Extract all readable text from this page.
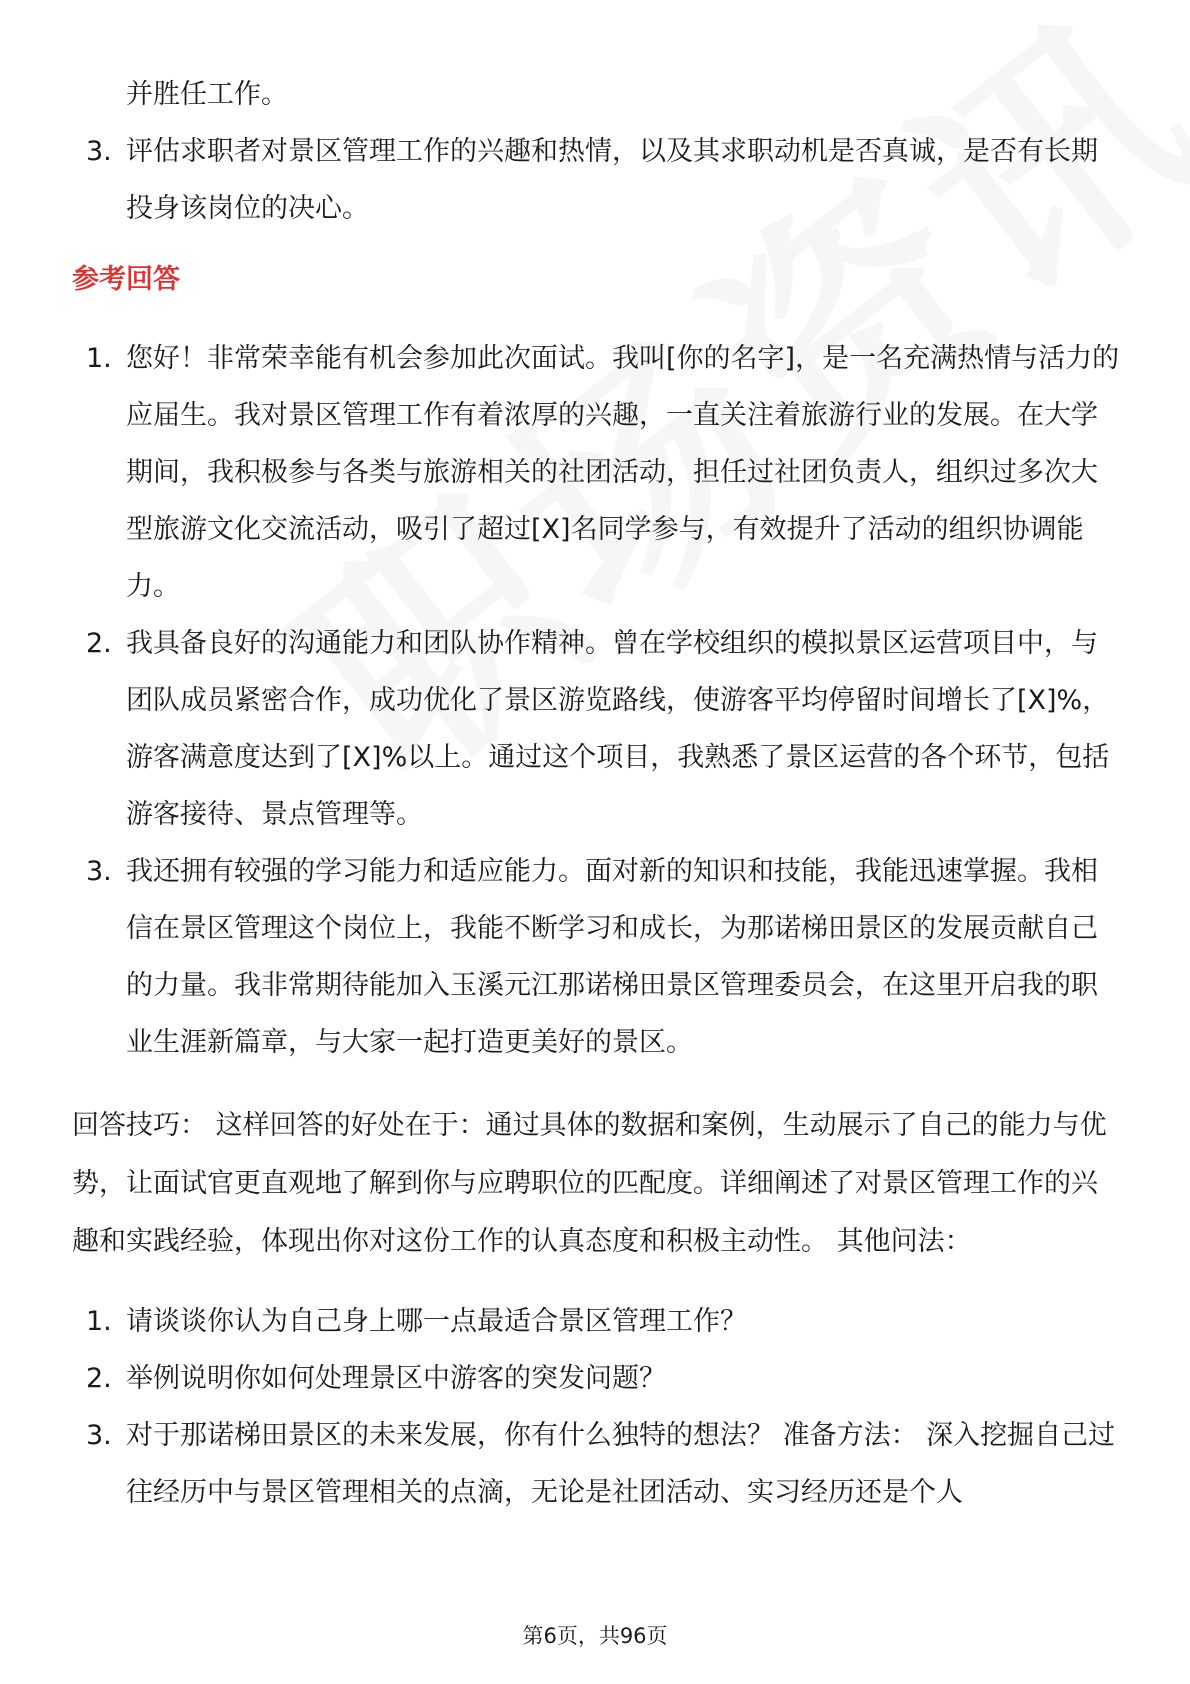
并胜任工作。
3. 评估求职者对景区管理工作的兴趣和热情，以及其求职动机是否真诚，是否有长期投身该岗位的决心。
参考回答
1. 您好！非常荣幸能有机会参加此次面试。我叫[你的名字]，是一名充满热情与活力的应届生。我对景区管理工作有着浓厚的兴趣，一直关注着旅游行业的发展。在大学期间，我积极参与各类与旅游相关的社团活动，担任过社团负责人，组织过多次大型旅游文化交流活动，吸引了超过[X]名同学参与，有效提升了活动的组织协调能力。
2. 我具备良好的沟通能力和团队协作精神。曾在学校组织的模拟景区运营项目中，与团队成员紧密合作，成功优化了景区游览路线，使游客平均停留时间增长了[X]%，游客满意度达到了[X]%以上。通过这个项目，我熟悉了景区运营的各个环节，包括游客接待、景点管理等。
3. 我还拥有较强的学习能力和适应能力。面对新的知识和技能，我能迅速掌握。我相信在景区管理这个岗位上，我能不断学习和成长，为那诺梯田景区的发展贡献自己的力量。我非常期待能加入玉溪元江那诺梯田景区管理委员会，在这里开启我的职业生涯新篇章，与大家一起打造更美好的景区。
回答技巧： 这样回答的好处在于：通过具体的数据和案例，生动展示了自己的能力与优势，让面试官更直观地了解到你与应聘职位的匹配度。详细阐述了对景区管理工作的兴趣和实践经验，体现出你对这份工作的认真态度和积极主动性。 其他问法：
1. 请谈谈你认为自己身上哪一点最适合景区管理工作？
2. 举例说明你如何处理景区中游客的突发问题？
3. 对于那诺梯田景区的未来发展，你有什么独特的想法？ 准备方法： 深入挖掘自己过往经历中与景区管理相关的点滴，无论是社团活动、实习经历还是个人
第6页，共96页
